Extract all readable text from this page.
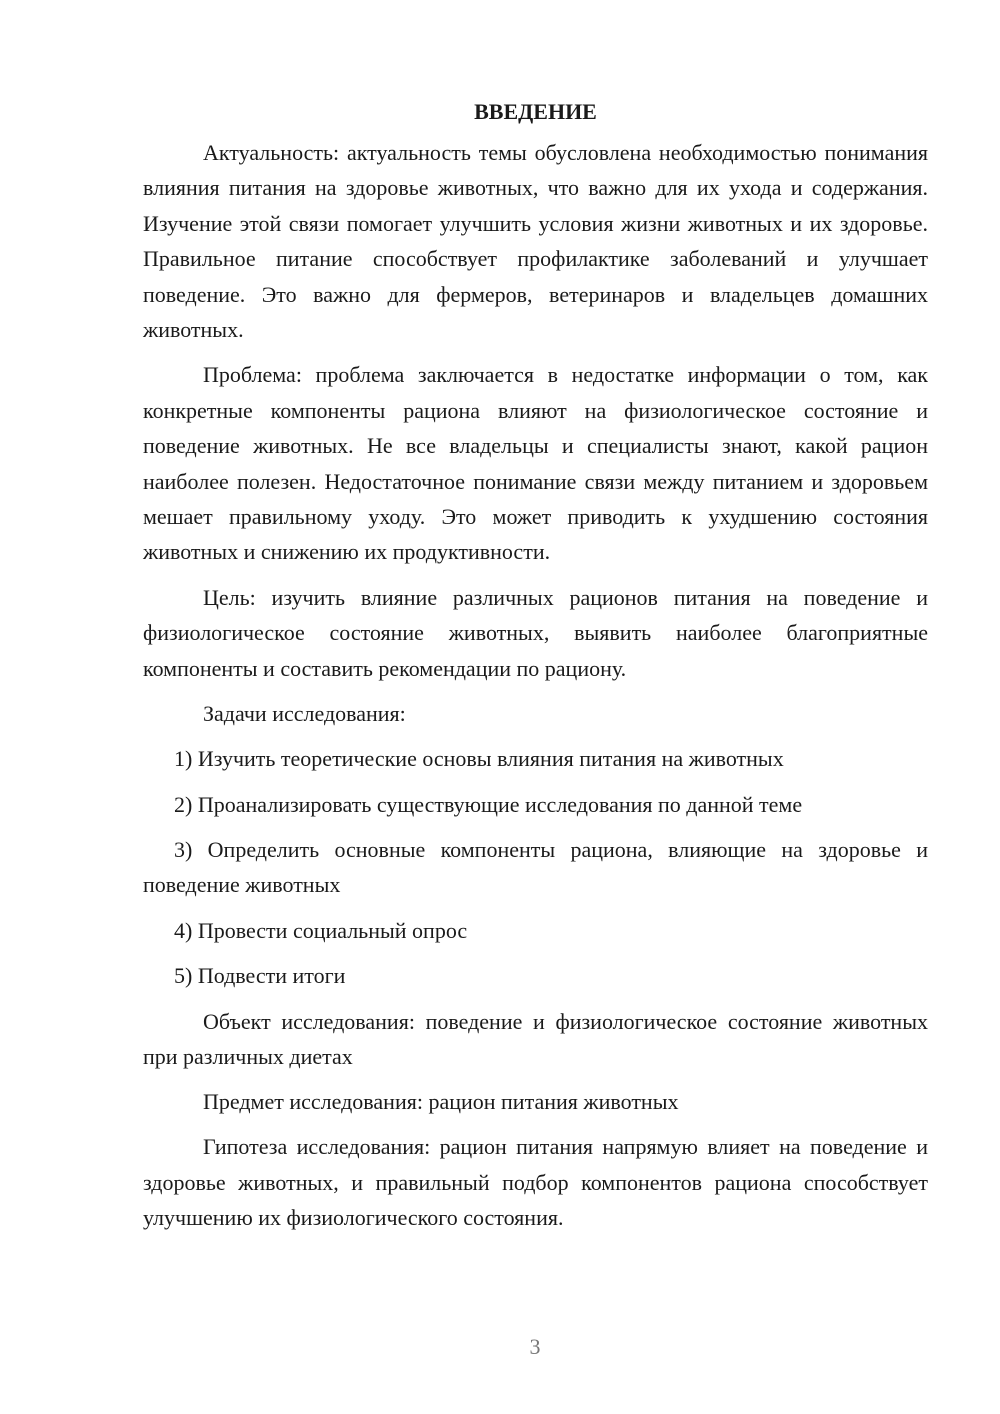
ВВЕДЕНИЕ

Актуальность: актуальность темы обусловлена необходимостью понимания влияния питания на здоровье животных, что важно для их ухода и содержания. Изучение этой связи помогает улучшить условия жизни животных и их здоровье. Правильное питание способствует профилактике заболеваний и улучшает поведение. Это важно для фермеров, ветеринаров и владельцев домашних животных.

Проблема: проблема заключается в недостатке информации о том, как конкретные компоненты рациона влияют на физиологическое состояние и поведение животных. Не все владельцы и специалисты знают, какой рацион наиболее полезен. Недостаточное понимание связи между питанием и здоровьем мешает правильному уходу. Это может приводить к ухудшению состояния животных и снижению их продуктивности.

Цель: изучить влияние различных рационов питания на поведение и физиологическое состояние животных, выявить наиболее благоприятные компоненты и составить рекомендации по рациону.

Задачи исследования:

1) Изучить теоретические основы влияния питания на животных

2) Проанализировать существующие исследования по данной теме

3) Определить основные компоненты рациона, влияющие на здоровье и поведение животных

4) Провести социальный опрос

5) Подвести итоги

Объект исследования: поведение и физиологическое состояние животных при различных диетах

Предмет исследования: рацион питания животных

Гипотеза исследования: рацион питания напрямую влияет на поведение и здоровье животных, и правильный подбор компонентов рациона способствует улучшению их физиологического состояния.

3
